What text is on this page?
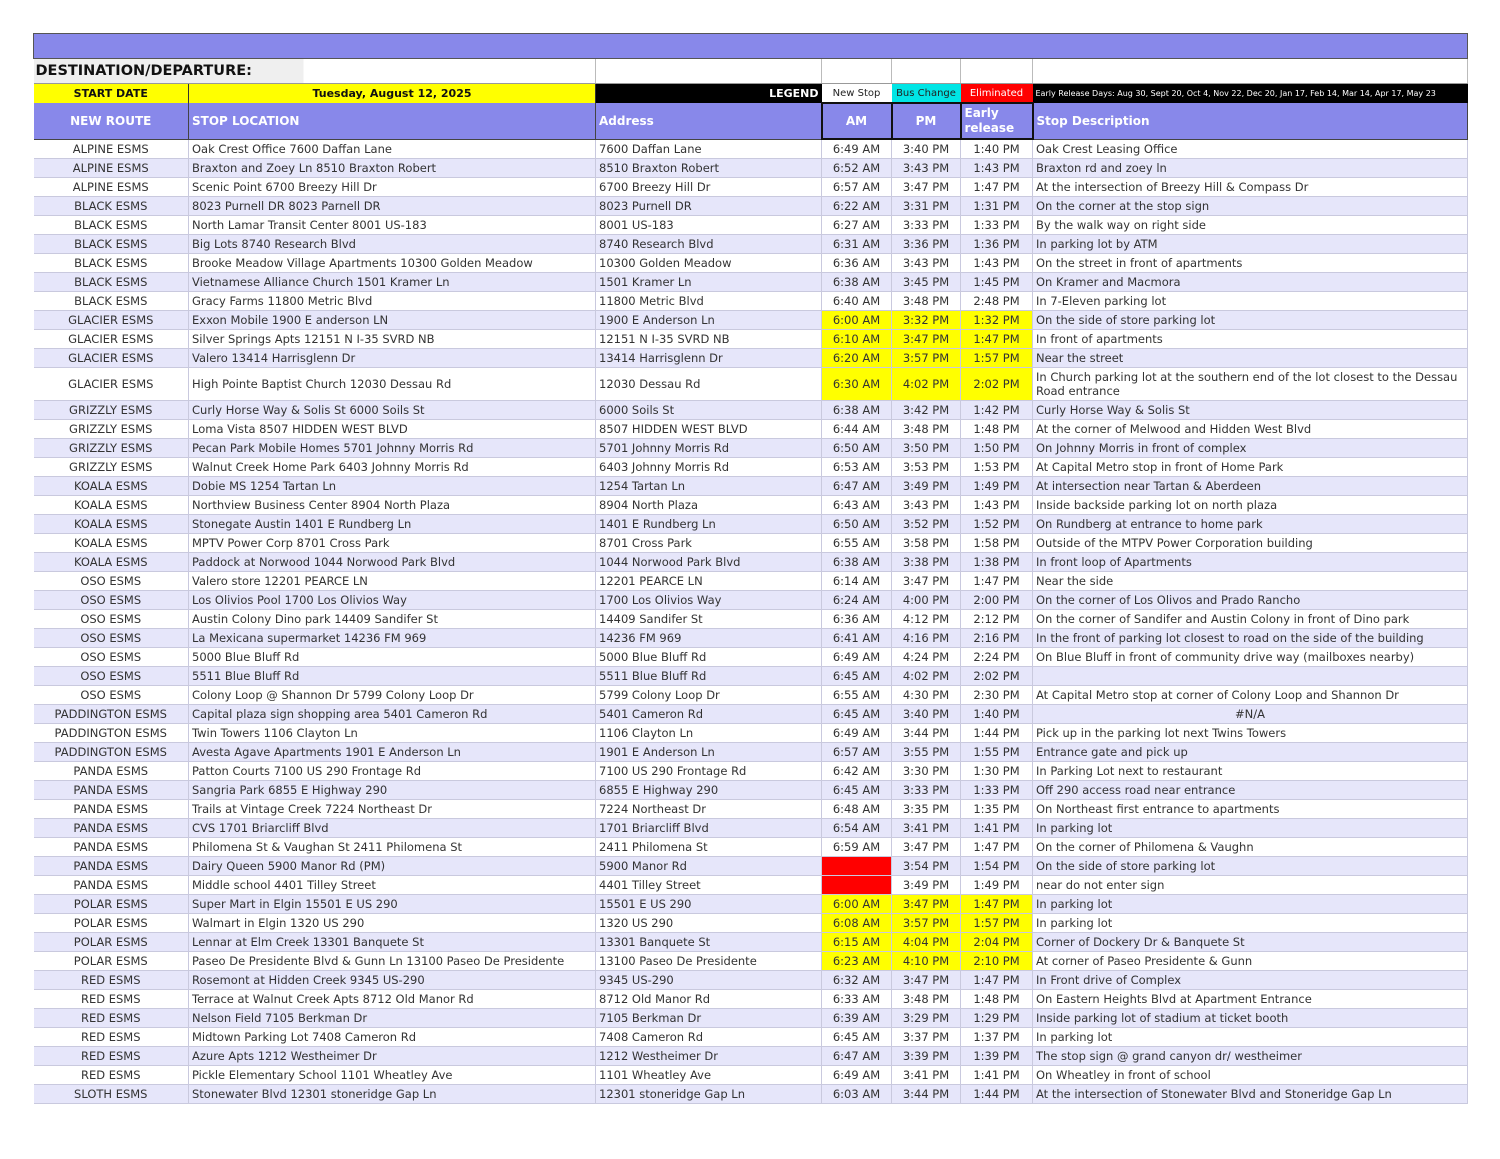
DESTINATION/DEPARTURE:						
START DATE	Tuesday, August 12, 2025	LEGEND	New Stop	Bus Change	Eliminated	Early Release Days: Aug 30, Sept 20, Oct 4, Nov 22, Dec 20, Jan 17, Feb 14, Mar 14, Apr 17, May 23
NEW ROUTE	STOP LOCATION	Address	AM	PM	Early release	Stop Description
ALPINE ESMS	Oak Crest Office 7600 Daffan Lane	7600 Daffan Lane	6:49 AM	3:40 PM	1:40 PM	Oak Crest Leasing Office
ALPINE ESMS	Braxton and Zoey Ln 8510 Braxton Robert	8510 Braxton Robert	6:52 AM	3:43 PM	1:43 PM	Braxton rd and zoey ln
ALPINE ESMS	Scenic Point 6700 Breezy Hill Dr	6700 Breezy Hill Dr	6:57 AM	3:47 PM	1:47 PM	At the intersection of Breezy Hill & Compass Dr
BLACK ESMS	8023 Purnell DR 8023 Parnell DR	8023 Purnell DR	6:22 AM	3:31 PM	1:31 PM	On the corner at the stop sign
BLACK ESMS	North Lamar Transit Center 8001 US-183	8001 US-183	6:27 AM	3:33 PM	1:33 PM	By the walk way on right side
BLACK ESMS	Big Lots 8740 Research Blvd	8740 Research Blvd	6:31 AM	3:36 PM	1:36 PM	In parking lot by ATM
BLACK ESMS	Brooke Meadow Village Apartments 10300 Golden Meadow	10300 Golden Meadow	6:36 AM	3:43 PM	1:43 PM	On the street in front of apartments
BLACK ESMS	Vietnamese Alliance Church 1501 Kramer Ln	1501 Kramer Ln	6:38 AM	3:45 PM	1:45 PM	On Kramer and Macmora
BLACK ESMS	Gracy Farms 11800 Metric Blvd	11800 Metric Blvd	6:40 AM	3:48 PM	2:48 PM	In 7-Eleven parking lot
GLACIER ESMS	Exxon Mobile 1900 E anderson LN	1900 E Anderson Ln	6:00 AM	3:32 PM	1:32 PM	On the side of store parking lot
GLACIER ESMS	Silver Springs Apts 12151 N I-35 SVRD NB	12151 N I-35 SVRD NB	6:10 AM	3:47 PM	1:47 PM	In front of apartments
GLACIER ESMS	Valero 13414 Harrisglenn Dr	13414 Harrisglenn Dr	6:20 AM	3:57 PM	1:57 PM	Near the street
GLACIER ESMS	High Pointe Baptist Church 12030 Dessau Rd	12030 Dessau Rd	6:30 AM	4:02 PM	2:02 PM	In Church parking lot at the southern end of the lot closest to the Dessau Road entrance
GRIZZLY ESMS	Curly Horse Way & Solis St 6000 Soils St	6000 Soils St	6:38 AM	3:42 PM	1:42 PM	Curly Horse Way & Solis St
GRIZZLY ESMS	Loma Vista 8507 HIDDEN WEST BLVD	8507 HIDDEN WEST BLVD	6:44 AM	3:48 PM	1:48 PM	At the corner of Melwood and Hidden West Blvd
GRIZZLY ESMS	Pecan Park Mobile Homes 5701 Johnny Morris Rd	5701 Johnny Morris Rd	6:50 AM	3:50 PM	1:50 PM	On Johnny Morris in front of complex
GRIZZLY ESMS	Walnut Creek Home Park 6403 Johnny Morris Rd	6403 Johnny Morris Rd	6:53 AM	3:53 PM	1:53 PM	At Capital Metro stop in front of Home Park
KOALA ESMS	Dobie MS 1254 Tartan Ln	1254 Tartan Ln	6:47 AM	3:49 PM	1:49 PM	At intersection near Tartan & Aberdeen
KOALA ESMS	Northview Business Center 8904 North Plaza	8904 North Plaza	6:43 AM	3:43 PM	1:43 PM	Inside backside parking lot on north plaza
KOALA ESMS	Stonegate Austin 1401 E Rundberg Ln	1401 E Rundberg Ln	6:50 AM	3:52 PM	1:52 PM	On Rundberg at entrance to home park
KOALA ESMS	MPTV Power Corp 8701 Cross Park	8701 Cross Park	6:55 AM	3:58 PM	1:58 PM	Outside of the MTPV Power Corporation building
KOALA ESMS	Paddock at Norwood 1044 Norwood Park Blvd	1044 Norwood Park Blvd	6:38 AM	3:38 PM	1:38 PM	In front loop of Apartments
OSO ESMS	Valero store 12201 PEARCE LN	12201 PEARCE LN	6:14 AM	3:47 PM	1:47 PM	Near the side
OSO ESMS	Los Olivios Pool 1700 Los Olivios Way	1700 Los Olivios Way	6:24 AM	4:00 PM	2:00 PM	On the corner of Los Olivos and Prado Rancho
OSO ESMS	Austin Colony Dino park 14409 Sandifer St	14409 Sandifer St	6:36 AM	4:12 PM	2:12 PM	On the corner of Sandifer and Austin Colony in front of Dino park
OSO ESMS	La Mexicana supermarket 14236 FM 969	14236 FM 969	6:41 AM	4:16 PM	2:16 PM	In the front of parking lot closest to road on the side of the building
OSO ESMS	5000 Blue Bluff Rd	5000 Blue Bluff Rd	6:49 AM	4:24 PM	2:24 PM	On Blue Bluff in front of community drive way (mailboxes nearby)
OSO ESMS	5511 Blue Bluff Rd	5511 Blue Bluff Rd	6:45 AM	4:02 PM	2:02 PM	
OSO ESMS	Colony Loop @ Shannon Dr 5799 Colony Loop Dr	5799 Colony Loop Dr	6:55 AM	4:30 PM	2:30 PM	At Capital Metro stop at corner of Colony Loop and Shannon Dr
PADDINGTON ESMS	Capital plaza sign shopping area 5401 Cameron Rd	5401 Cameron Rd	6:45 AM	3:40 PM	1:40 PM	#N/A
PADDINGTON ESMS	Twin Towers 1106 Clayton Ln	1106 Clayton Ln	6:49 AM	3:44 PM	1:44 PM	Pick up in the parking lot next Twins Towers
PADDINGTON ESMS	Avesta Agave Apartments 1901 E Anderson Ln	1901 E Anderson Ln	6:57 AM	3:55 PM	1:55 PM	Entrance gate and pick up
PANDA ESMS	Patton Courts 7100 US 290 Frontage Rd	7100 US 290 Frontage Rd	6:42 AM	3:30 PM	1:30 PM	In Parking Lot next to restaurant
PANDA ESMS	Sangria Park 6855 E Highway 290	6855 E Highway 290	6:45 AM	3:33 PM	1:33 PM	Off 290 access road near entrance
PANDA ESMS	Trails at Vintage Creek 7224 Northeast Dr	7224 Northeast Dr	6:48 AM	3:35 PM	1:35 PM	On Northeast first entrance to apartments
PANDA ESMS	CVS 1701 Briarcliff Blvd	1701 Briarcliff Blvd	6:54 AM	3:41 PM	1:41 PM	In parking lot
PANDA ESMS	Philomena St & Vaughan St 2411 Philomena St	2411 Philomena St	6:59 AM	3:47 PM	1:47 PM	On the corner of Philomena & Vaughn
PANDA ESMS	Dairy Queen 5900 Manor Rd (PM)	5900 Manor Rd		3:54 PM	1:54 PM	On the side of store parking lot
PANDA ESMS	Middle school 4401 Tilley Street	4401 Tilley Street		3:49 PM	1:49 PM	near do not enter sign
POLAR ESMS	Super Mart in Elgin 15501 E US 290	15501 E US 290	6:00 AM	3:47 PM	1:47 PM	In parking lot
POLAR ESMS	Walmart in Elgin 1320 US 290	1320 US 290	6:08 AM	3:57 PM	1:57 PM	In parking lot
POLAR ESMS	Lennar at Elm Creek 13301 Banquete St	13301 Banquete St	6:15 AM	4:04 PM	2:04 PM	Corner of Dockery Dr & Banquete St
POLAR ESMS	Paseo De Presidente Blvd & Gunn Ln 13100 Paseo De Presidente	13100 Paseo De Presidente	6:23 AM	4:10 PM	2:10 PM	At corner of Paseo Presidente & Gunn
RED ESMS	Rosemont at Hidden Creek 9345 US-290	9345 US-290	6:32 AM	3:47 PM	1:47 PM	In Front drive of Complex
RED ESMS	Terrace at Walnut Creek Apts 8712 Old Manor Rd	8712 Old Manor Rd	6:33 AM	3:48 PM	1:48 PM	On Eastern Heights Blvd at Apartment Entrance
RED ESMS	Nelson Field 7105 Berkman Dr	7105 Berkman Dr	6:39 AM	3:29 PM	1:29 PM	Inside parking lot of stadium at ticket booth
RED ESMS	Midtown Parking Lot 7408 Cameron Rd	7408 Cameron Rd	6:45 AM	3:37 PM	1:37 PM	In parking lot
RED ESMS	Azure Apts 1212 Westheimer Dr	1212 Westheimer Dr	6:47 AM	3:39 PM	1:39 PM	The stop sign @ grand canyon dr/ westheimer
RED ESMS	Pickle Elementary School 1101 Wheatley Ave	1101 Wheatley Ave	6:49 AM	3:41 PM	1:41 PM	On Wheatley in front of school
SLOTH ESMS	Stonewater Blvd 12301 stoneridge Gap Ln	12301 stoneridge Gap Ln	6:03 AM	3:44 PM	1:44 PM	At the intersection of Stonewater Blvd and Stoneridge Gap Ln
